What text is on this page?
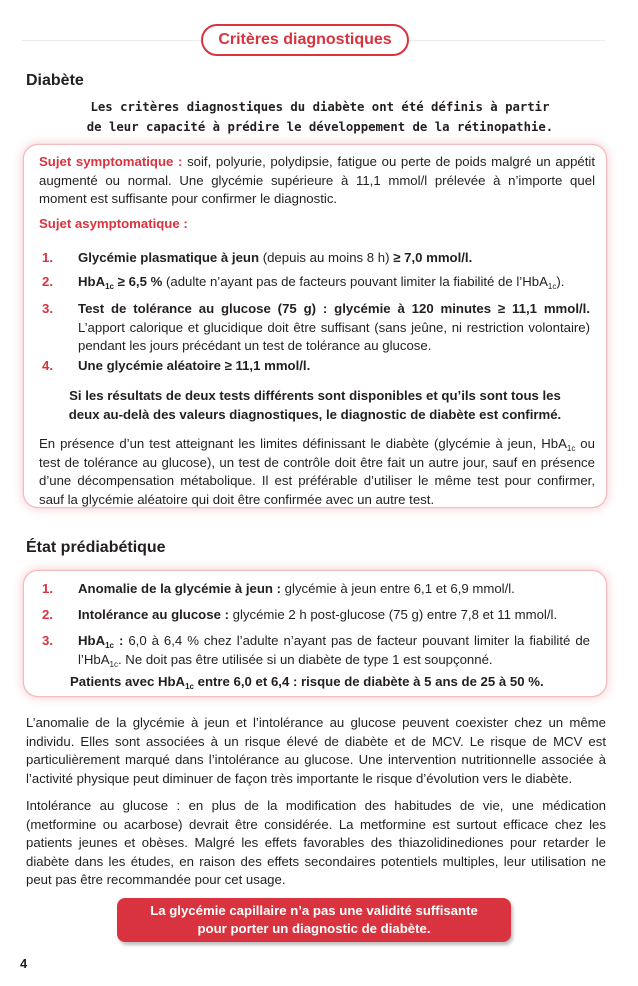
Critères diagnostiques
Diabète
Les critères diagnostiques du diabète ont été définis à partir
de leur capacité à prédire le développement de la rétinopathie.
Sujet symptomatique : soif, polyurie, polydipsie, fatigue ou perte de poids malgré un appétit augmenté ou normal. Une glycémie supérieure à 11,1 mmol/l prélevée à n’importe quel moment est suffisante pour confirmer le diagnostic.
Sujet asymptomatique :
1. Glycémie plasmatique à jeun (depuis au moins 8 h) ≥ 7,0 mmol/l.
2. HbA$_{1c}$ ≥ 6,5 % (adulte n’ayant pas de facteurs pouvant limiter la fiabilité de l’HbA$_{1c}$).
3. Test de tolérance au glucose (75 g) : glycémie à 120 minutes ≥ 11,1 mmol/l. L’apport calorique et glucidique doit être suffisant (sans jeûne, ni restriction volontaire) pendant les jours précédant un test de tolérance au glucose.
4. Une glycémie aléatoire ≥ 11,1 mmol/l.
Si les résultats de deux tests différents sont disponibles et qu’ils sont tous les
deux au-delà des valeurs diagnostiques, le diagnostic de diabète est confirmé.
En présence d’un test atteignant les limites définissant le diabète (glycémie à jeun, HbA$_{1c}$ ou test de tolérance au glucose), un test de contrôle doit être fait un autre jour, sauf en présence d’une décompensation métabolique. Il est préférable d’utiliser le même test pour confirmer, sauf la glycémie aléatoire qui doit être confirmée avec un autre test.
État prédiabétique
1. Anomalie de la glycémie à jeun : glycémie à jeun entre 6,1 et 6,9 mmol/l.
2. Intolérance au glucose : glycémie 2 h post-glucose (75 g) entre 7,8 et 11 mmol/l.
3. HbA$_{1c}$ : 6,0 à 6,4 % chez l’adulte n’ayant pas de facteur pouvant limiter la fiabilité de l’HbA$_{1c}$. Ne doit pas être utilisée si un diabète de type 1 est soupçonné.
Patients avec HbA$_{1c}$ entre 6,0 et 6,4 : risque de diabète à 5 ans de 25 à 50 %.
L’anomalie de la glycémie à jeun et l’intolérance au glucose peuvent coexister chez un même individu. Elles sont associées à un risque élevé de diabète et de MCV. Le risque de MCV est particulièrement marqué dans l’intolérance au glucose. Une intervention nutritionnelle associée à l’activité physique peut diminuer de façon très importante le risque d’évolution vers le diabète.
Intolérance au glucose : en plus de la modification des habitudes de vie, une médication (metformine ou acarbose) devrait être considérée. La metformine est surtout efficace chez les patients jeunes et obèses. Malgré les effets favorables des thiazolidinediones pour retarder le diabète dans les études, en raison des effets secondaires potentiels multiples, leur utilisation ne peut pas être recommandée pour cet usage.
La glycémie capillaire n’a pas une validité suffisante
pour porter un diagnostic de diabète.
4
